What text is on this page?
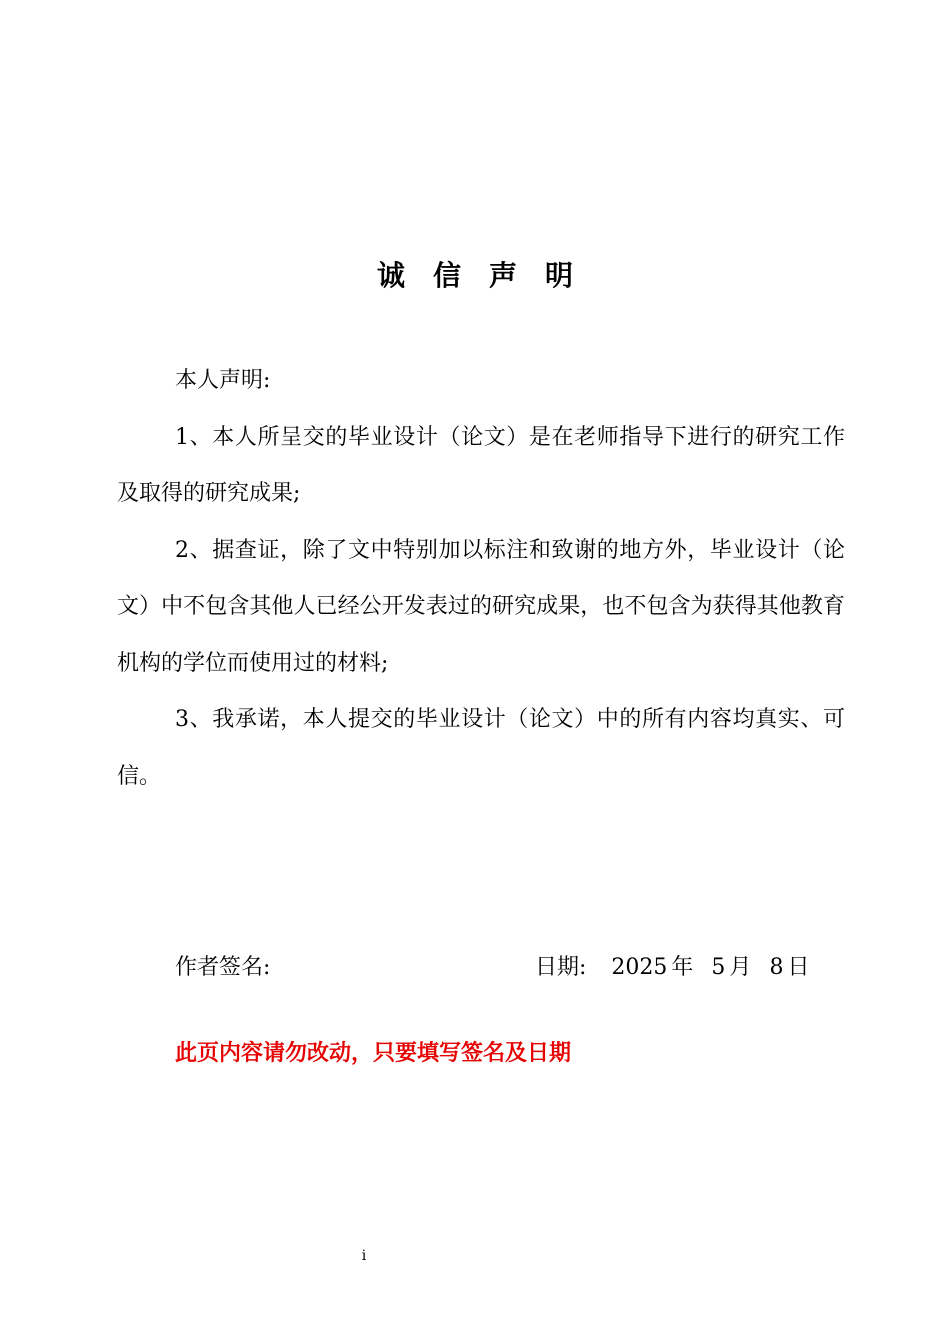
诚信声明

本人声明:

1、本人所呈交的毕业设计（论文）是在老师指导下进行的研究工作及取得的研究成果;

2、据查证，除了文中特别加以标注和致谢的地方外，毕业设计（论文）中不包含其他人已经公开发表过的研究成果，也不包含为获得其他教育机构的学位而使用过的材料;

3、我承诺，本人提交的毕业设计（论文）中的所有内容均真实、可信。

作者签名:	日期: 2025 年 5 月 8 日
此页内容请勿改动，只要填写签名及日期
i
